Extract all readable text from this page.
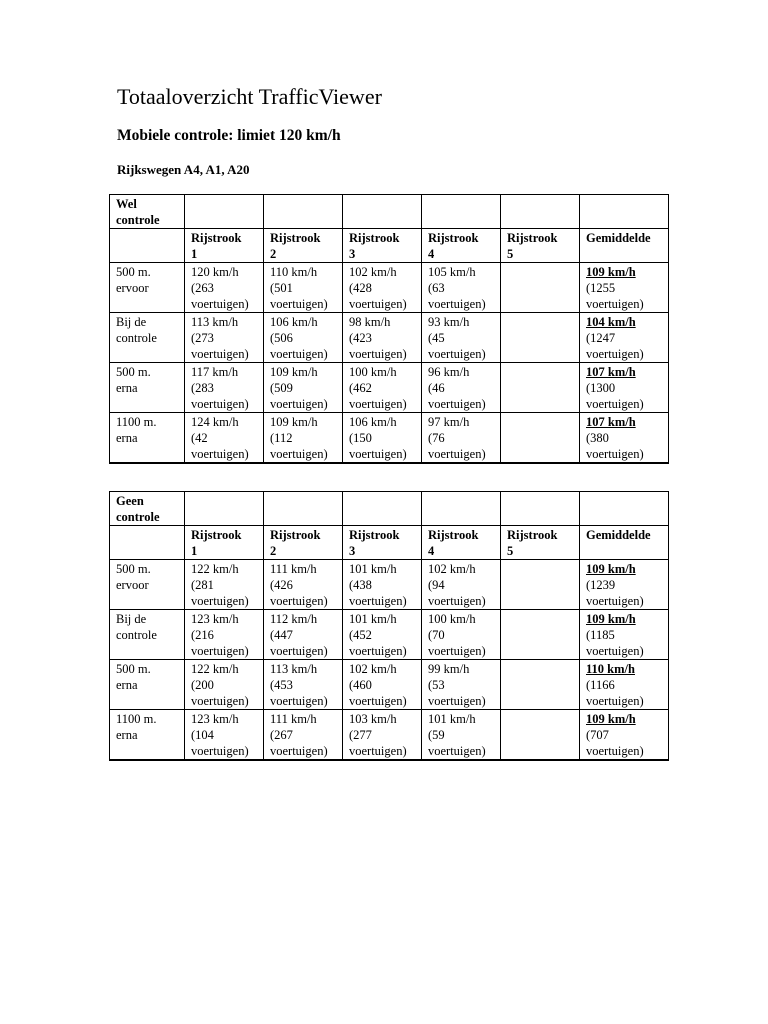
Totaaloverzicht TrafficViewer
Mobiele controle: limiet 120 km/h
Rijkswegen A4, A1, A20
Wel
controle						

	Rijstrook
1	Rijstrook
2	Rijstrook
3	Rijstrook
4	Rijstrook
5	Gemiddelde

500 m.
ervoor	120 km/h
(263
voertuigen)	110 km/h
(501
voertuigen)	102 km/h
(428
voertuigen)	105 km/h
(63
voertuigen)		109 km/h
(1255
voertuigen)

Bij de
controle	113 km/h
(273
voertuigen)	106 km/h
(506
voertuigen)	98 km/h
(423
voertuigen)	93 km/h
(45
voertuigen)		104 km/h
(1247
voertuigen)

500 m.
erna	117 km/h
(283
voertuigen)	109 km/h
(509
voertuigen)	100 km/h
(462
voertuigen)	96 km/h
(46
voertuigen)		107 km/h
(1300
voertuigen)

1100 m.
erna	124 km/h
(42
voertuigen)	109 km/h
(112
voertuigen)	106 km/h
(150
voertuigen)	97 km/h
(76
voertuigen)		107 km/h
(380
voertuigen)
Geen
controle						

	Rijstrook
1	Rijstrook
2	Rijstrook
3	Rijstrook
4	Rijstrook
5	Gemiddelde

500 m.
ervoor	122 km/h
(281
voertuigen)	111 km/h
(426
voertuigen)	101 km/h
(438
voertuigen)	102 km/h
(94
voertuigen)		109 km/h
(1239
voertuigen)

Bij de
controle	123 km/h
(216
voertuigen)	112 km/h
(447
voertuigen)	101 km/h
(452
voertuigen)	100 km/h
(70
voertuigen)		109 km/h
(1185
voertuigen)

500 m.
erna	122 km/h
(200
voertuigen)	113 km/h
(453
voertuigen)	102 km/h
(460
voertuigen)	99 km/h
(53
voertuigen)		110 km/h
(1166
voertuigen)

1100 m.
erna	123 km/h
(104
voertuigen)	111 km/h
(267
voertuigen)	103 km/h
(277
voertuigen)	101 km/h
(59
voertuigen)		109 km/h
(707
voertuigen)
